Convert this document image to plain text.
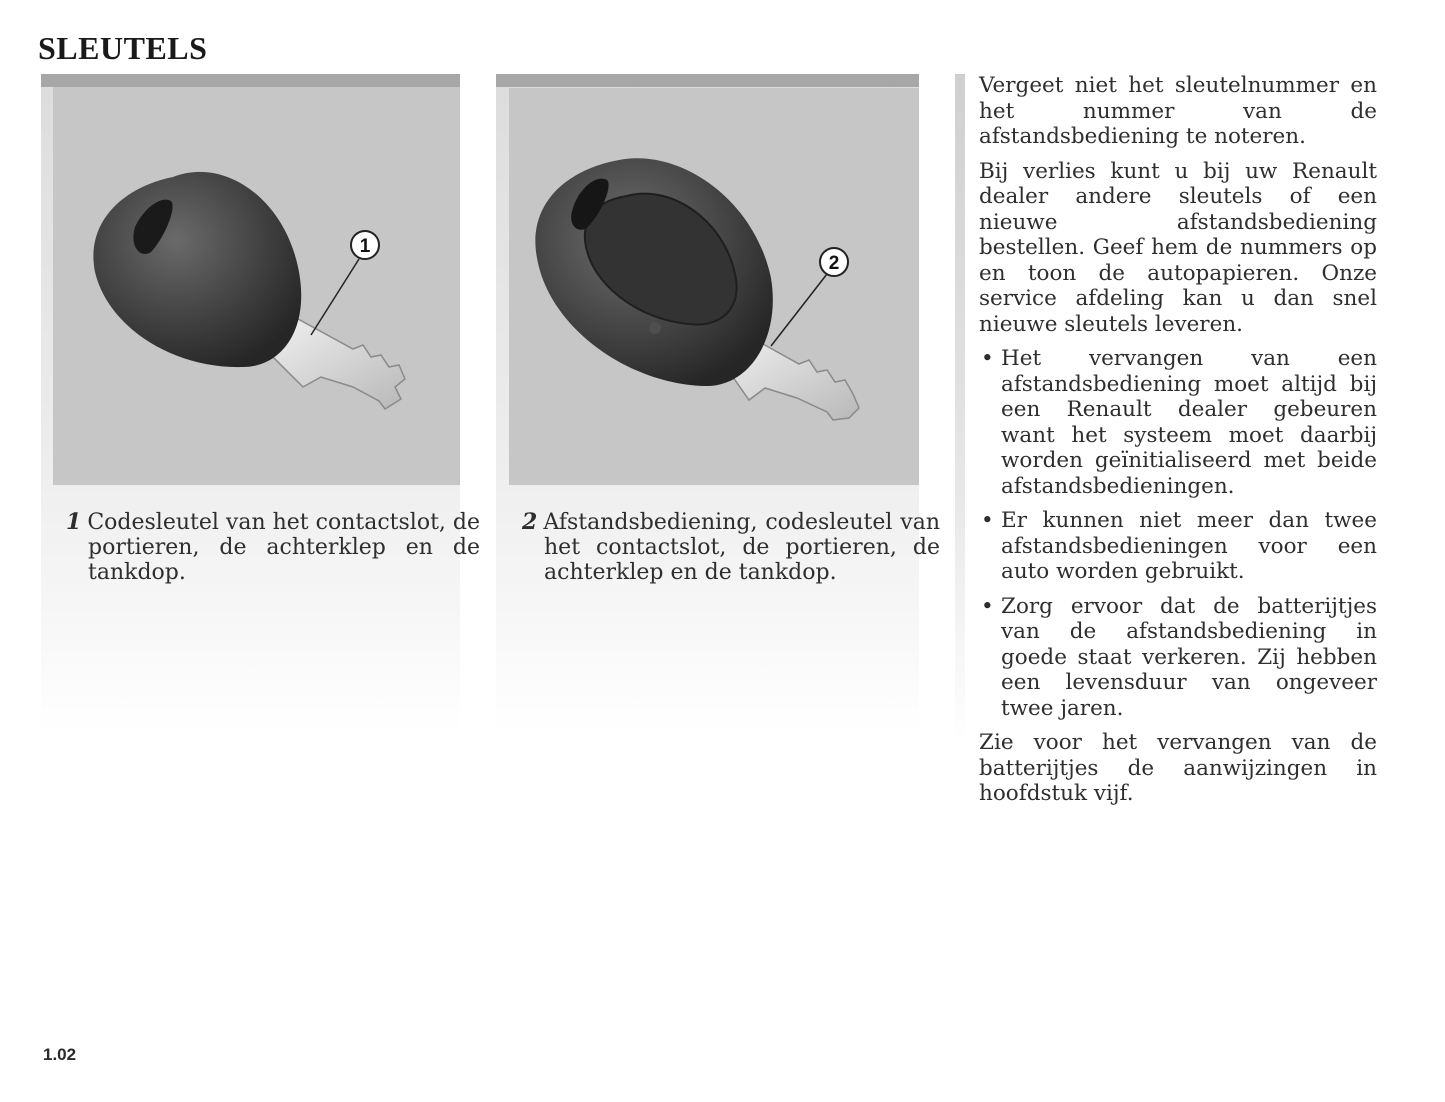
SLEUTELS
1

1 Codesleutel van het contactslot, de portieren, de achterklep en de tankdop.

2

2 Afstandsbediening, codesleutel van het contactslot, de portieren, de achterklep en de tankdop.

Vergeet niet het sleutelnummer en het nummer van de afstandsbediening te noteren.

Bij verlies kunt u bij uw Renault dealer andere sleutels of een nieuwe afstandsbediening bestellen. Geef hem de nummers op en toon de autopapieren. Onze service afdeling kan u dan snel nieuwe sleutels leveren.

• Het vervangen van een afstandsbediening moet altijd bij een Renault dealer gebeuren want het systeem moet daarbij worden geïnitialiseerd met beide afstandsbedieningen.
• Er kunnen niet meer dan twee afstandsbedieningen voor een auto worden gebruikt.
• Zorg ervoor dat de batterijtjes van de afstandsbediening in goede staat verkeren. Zij hebben een levensduur van ongeveer twee jaren.

Zie voor het vervangen van de batterijtjes de aanwijzingen in hoofdstuk vijf.

1.02
